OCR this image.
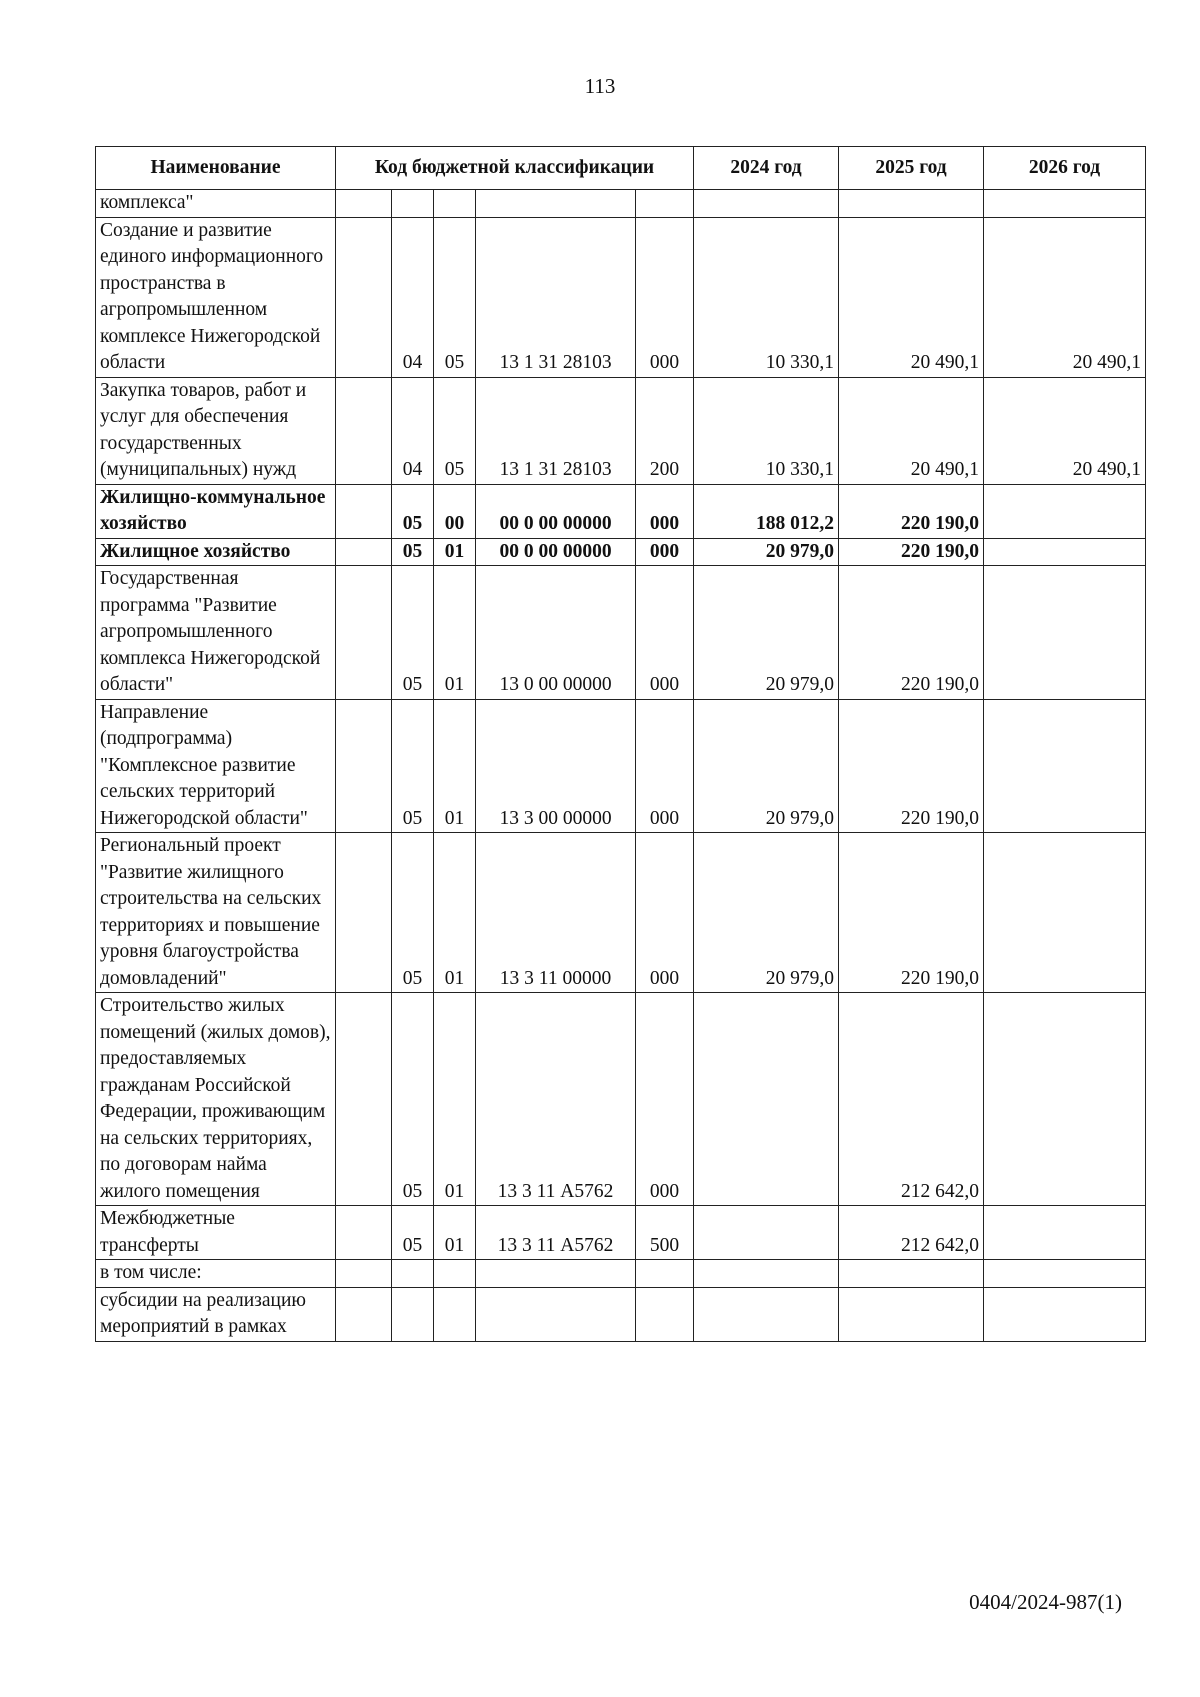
113
Наименование	Код бюджетной классификации					2024 год	2025 год	2026 год
комплекса"								
Создание и развитие единого информационного пространства в агропромышленном комплексе Нижегородской области		04	05	13 1 31 28103	000	10 330,1	20 490,1	20 490,1
Закупка товаров, работ и услуг для обеспечения государственных (муниципальных) нужд		04	05	13 1 31 28103	200	10 330,1	20 490,1	20 490,1
Жилищно-коммунальное хозяйство		05	00	00 0 00 00000	000	188 012,2	220 190,0	
Жилищное хозяйство		05	01	00 0 00 00000	000	20 979,0	220 190,0	
Государственная программа "Развитие агропромышленного комплекса Нижегородской области"		05	01	13 0 00 00000	000	20 979,0	220 190,0	
Направление (подпрограмма) "Комплексное развитие сельских территорий Нижегородской области"		05	01	13 3 00 00000	000	20 979,0	220 190,0	
Региональный проект "Развитие жилищного строительства на сельских территориях и повышение уровня благоустройства домовладений"		05	01	13 3 11 00000	000	20 979,0	220 190,0	
Строительство жилых помещений (жилых домов), предоставляемых гражданам Российской Федерации, проживающим на сельских территориях, по договорам найма жилого помещения		05	01	13 3 11 А5762	000		212 642,0	
Межбюджетные трансферты		05	01	13 3 11 А5762	500		212 642,0	
в том числе:								
субсидии на реализацию мероприятий в рамках								
0404/2024-987(1)
